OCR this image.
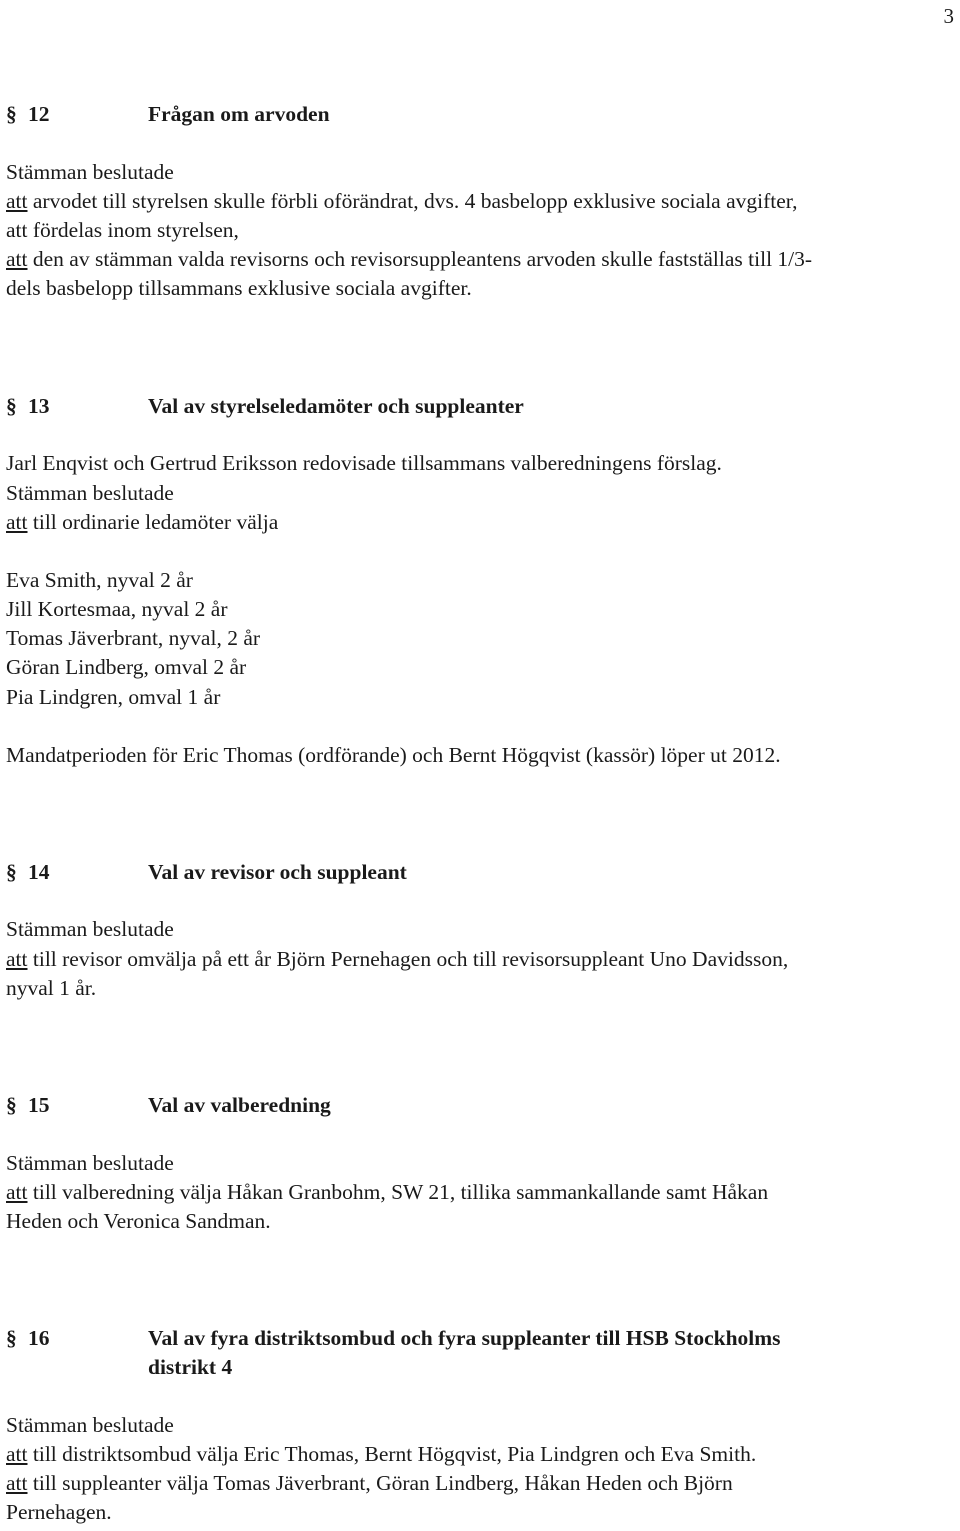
3
§ 12	Frågan om arvoden
Stämman beslutade
att arvodet till styrelsen skulle förbli oförändrat, dvs. 4 basbelopp exklusive sociala avgifter,
att fördelas inom styrelsen,
att den av stämman valda revisorns och revisorsuppleantens arvoden skulle fastställas till 1/3-
dels basbelopp tillsammans exklusive sociala avgifter.
§ 13	Val av styrelseledamöter och suppleanter
Jarl Enqvist och Gertrud Eriksson redovisade tillsammans valberedningens förslag.
Stämman beslutade
att till ordinarie ledamöter välja
Eva Smith, nyval 2 år
Jill Kortesmaa, nyval 2 år
Tomas Jäverbrant, nyval, 2 år
Göran Lindberg, omval 2 år
Pia Lindgren, omval 1 år
Mandatperioden för Eric Thomas (ordförande) och Bernt Högqvist (kassör) löper ut 2012.
§ 14	Val av revisor och suppleant
Stämman beslutade
att till revisor omvälja på ett år Björn Pernehagen och till revisorsuppleant Uno Davidsson,
nyval 1 år.
§ 15	Val av valberedning
Stämman beslutade
att till valberedning välja Håkan Granbohm, SW 21, tillika sammankallande samt Håkan
Heden och Veronica Sandman.
§ 16	Val av fyra distriktsombud och fyra suppleanter till HSB Stockholms
distrikt 4
Stämman beslutade
att till distriktsombud välja Eric Thomas, Bernt Högqvist, Pia Lindgren och Eva Smith.
att till suppleanter välja Tomas Jäverbrant, Göran Lindberg, Håkan Heden och Björn
Pernehagen.
